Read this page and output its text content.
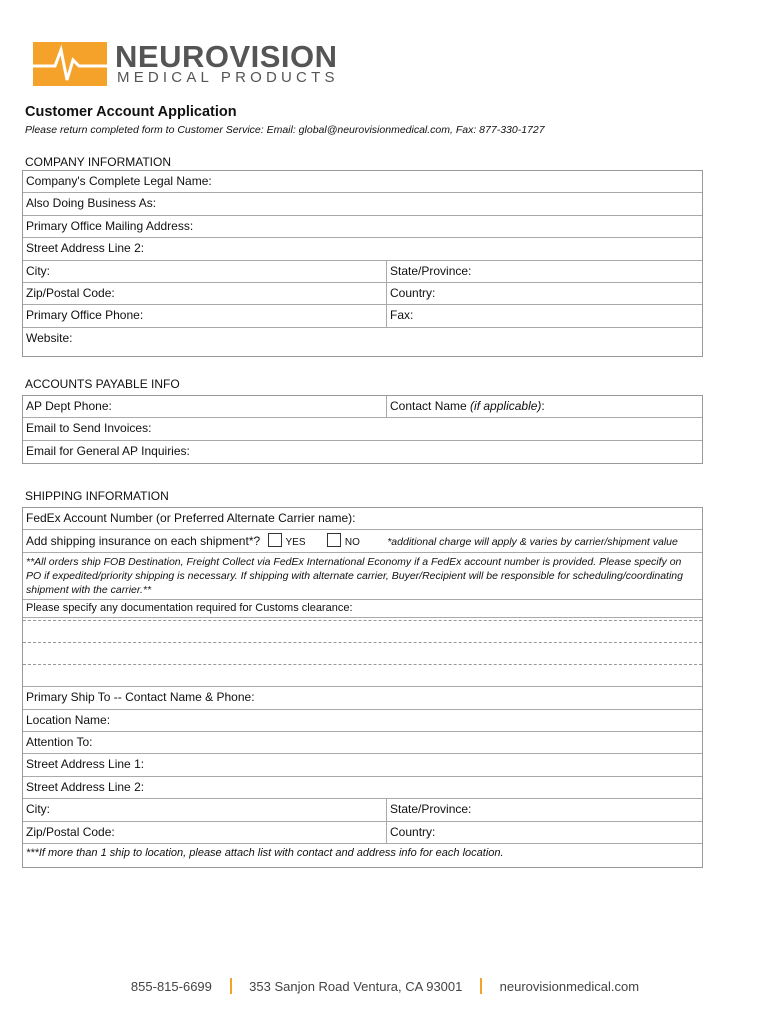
NEUROVISION
MEDICAL PRODUCTS
Customer Account Application
Please return completed form to Customer Service: Email: global@neurovisionmedical.com, Fax: 877-330-1727
COMPANY INFORMATION
Company's Complete Legal Name:
Also Doing Business As:
Primary Office Mailing Address:
Street Address Line 2:
City:	State/Province:
Zip/Postal Code:	Country:
Primary Office Phone:	Fax:
Website:
ACCOUNTS PAYABLE INFO
AP Dept Phone:	Contact Name (if applicable):
Email to Send Invoices:
Email for General AP Inquiries:
SHIPPING INFORMATION
FedEx Account Number (or Preferred Alternate Carrier name):
Add shipping insurance on each shipment*?	YES	NO	*additional charge will apply & varies by carrier/shipment value
**All orders ship FOB Destination, Freight Collect via FedEx International Economy if a FedEx account number is provided. Please specify on PO if expedited/priority shipping is necessary. If shipping with alternate carrier, Buyer/Recipient will be responsible for scheduling/coordinating shipment with the carrier.**
Please specify any documentation required for Customs clearance:
Primary Ship To -- Contact Name & Phone:
Location Name:
Attention To:
Street Address Line 1:
Street Address Line 2:
City:	State/Province:
Zip/Postal Code:	Country:
***If more than 1 ship to location, please attach list with contact and address info for each location.
855-815-6699	353 Sanjon Road Ventura, CA 93001	neurovisionmedical.com
